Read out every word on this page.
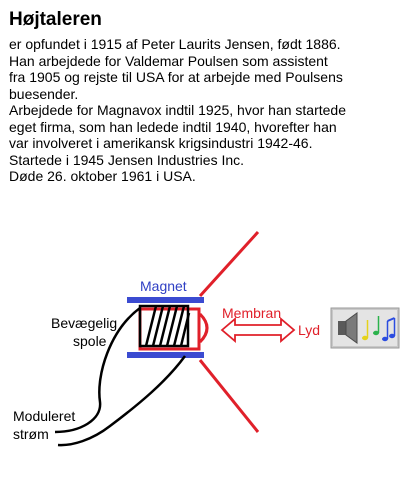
Højtaleren
er opfundet i 1915 af Peter Laurits Jensen, født 1886.
Han arbejdede for Valdemar Poulsen som assistent
fra 1905 og rejste til USA for at arbejde med Poulsens
buesender.
Arbejdede for Magnavox indtil 1925, hvor han startede
eget firma, som han ledede indtil 1940, hvorefter han
var involveret i amerikansk krigsindustri 1942-46.
Startede i 1945 Jensen Industries Inc.
Døde 26. oktober 1961 i USA.
Magnet
Bevægelig
spole
Membran
Lyd
Moduleret
strøm
